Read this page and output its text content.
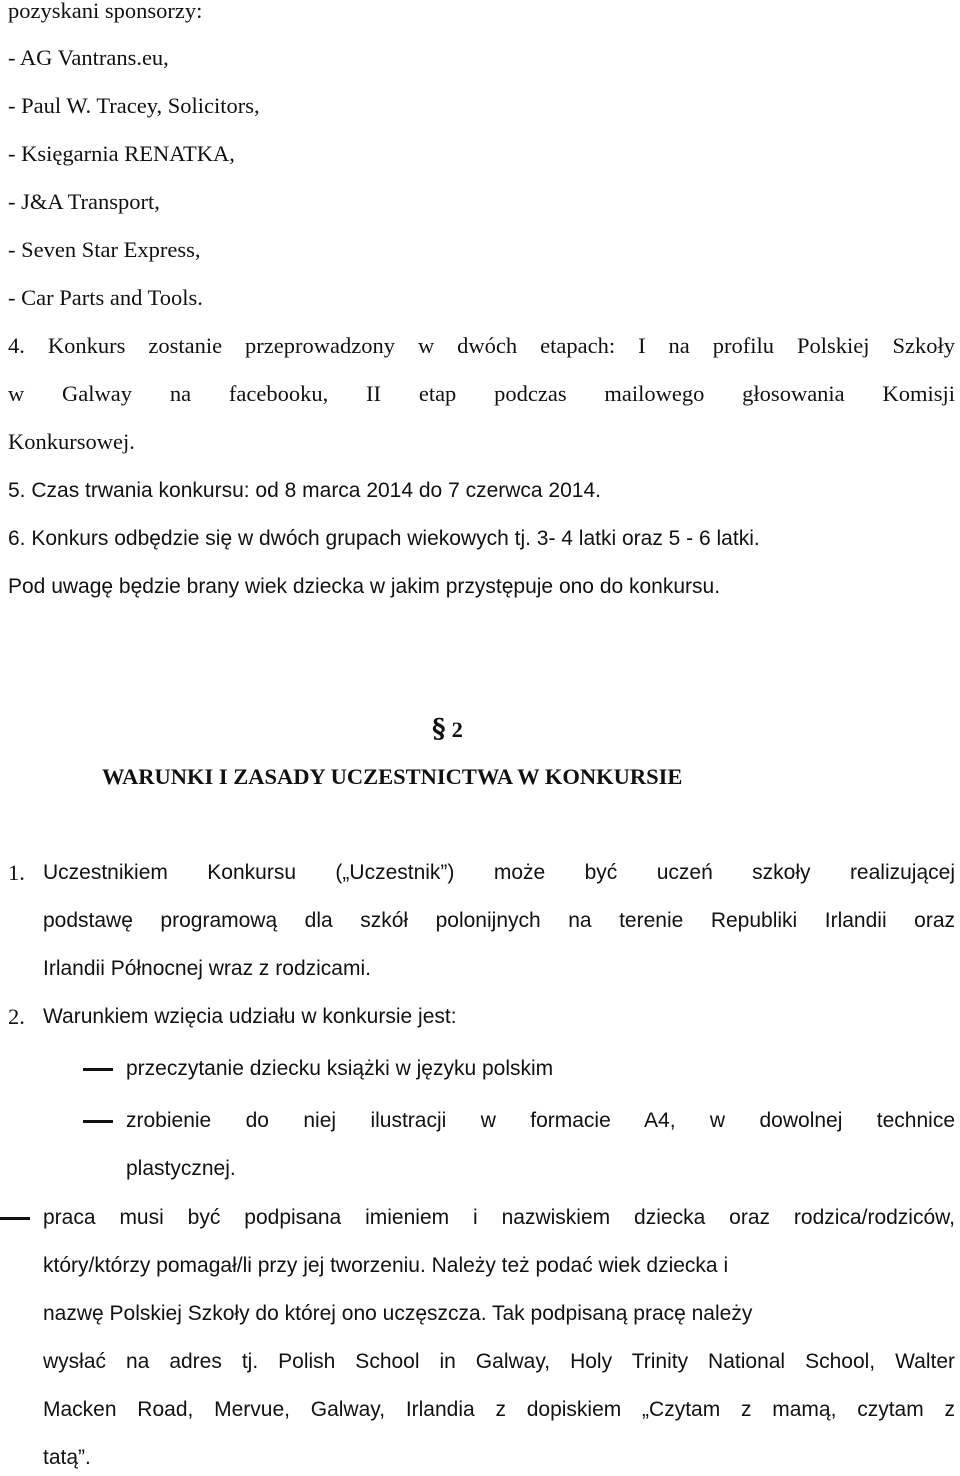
pozyskani sponsorzy:
- AG Vantrans.eu,
- Paul W. Tracey, Solicitors,
- Księgarnia RENATKA,
- J&A Transport,
- Seven Star Express,
- Car Parts and Tools.
4. Konkurs zostanie przeprowadzony w dwóch etapach: I na profilu Polskiej Szkoły
w Galway na facebooku, II etap podczas mailowego głosowania Komisji
Konkursowej.
5. Czas trwania konkursu: od 8 marca 2014 do 7 czerwca 2014.
6. Konkurs odbędzie się w dwóch grupach wiekowych tj. 3- 4 latki oraz 5 - 6 latki.
Pod uwagę będzie brany wiek dziecka w jakim przystępuje ono do konkursu.
§ 2
WARUNKI I ZASADY UCZESTNICTWA W KONKURSIE
1. Uczestnikiem Konkursu („Uczestnik”) może być uczeń szkoły realizującej
podstawę programową dla szkół polonijnych na terenie Republiki Irlandii oraz
Irlandii Północnej wraz z rodzicami.
2. Warunkiem wzięcia udziału w konkursie jest:
przeczytanie dziecku książki w języku polskim
zrobienie do niej ilustracji w formacie A4, w dowolnej technice
plastycznej.
praca musi być podpisana imieniem i nazwiskiem dziecka oraz rodzica/rodziców,
który/którzy pomagał/li przy jej tworzeniu. Należy też podać wiek dziecka i
nazwę Polskiej Szkoły do której ono uczęszcza. Tak podpisaną pracę należy
wysłać na adres tj. Polish School in Galway, Holy Trinity National School, Walter
Macken Road, Mervue, Galway, Irlandia z dopiskiem „Czytam z mamą, czytam z
tatą”.
